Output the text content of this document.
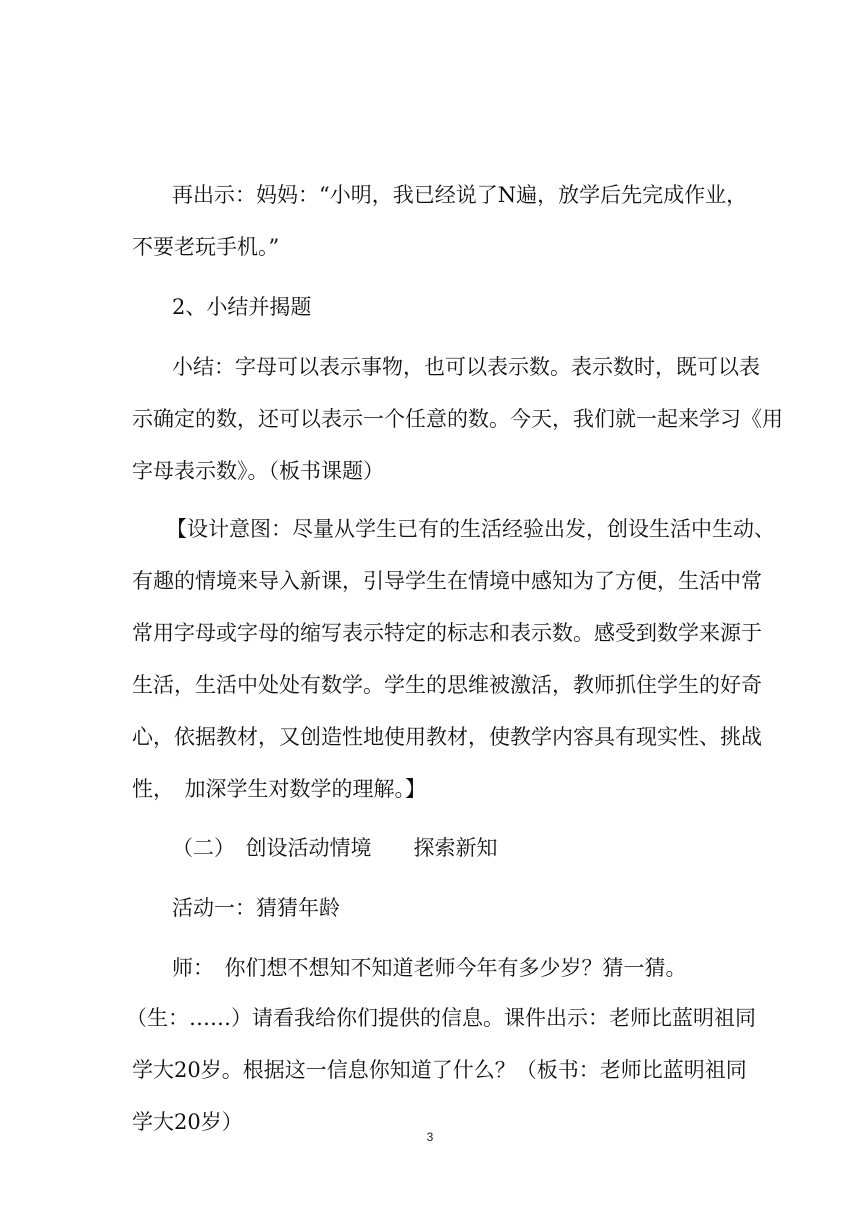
再出示：妈妈：“小明，我已经说了N遍，放学后先完成作业，
不要老玩手机。”
2、小结并揭题
小结：字母可以表示事物，也可以表示数。表示数时，既可以表
示确定的数，还可以表示一个任意的数。今天，我们就一起来学习《用
字母表示数》。（板书课题）
【设计意图：尽量从学生已有的生活经验出发，创设生活中生动、
有趣的情境来导入新课，引导学生在情境中感知为了方便，生活中常
常用字母或字母的缩写表示特定的标志和表示数。感受到数学来源于
生活，生活中处处有数学。学生的思维被激活，教师抓住学生的好奇
心，依据教材，又创造性地使用教材，使教学内容具有现实性、挑战
性，　加深学生对数学的理解。】
（二）　创设活动情境　　探索新知
活动一：猜猜年龄
师：　你们想不想知不知道老师今年有多少岁？猜一猜。
（生：……）请看我给你们提供的信息。课件出示：老师比蓝明祖同
学大20岁。根据这一信息你知道了什么？（板书：老师比蓝明祖同
学大20岁）
3
